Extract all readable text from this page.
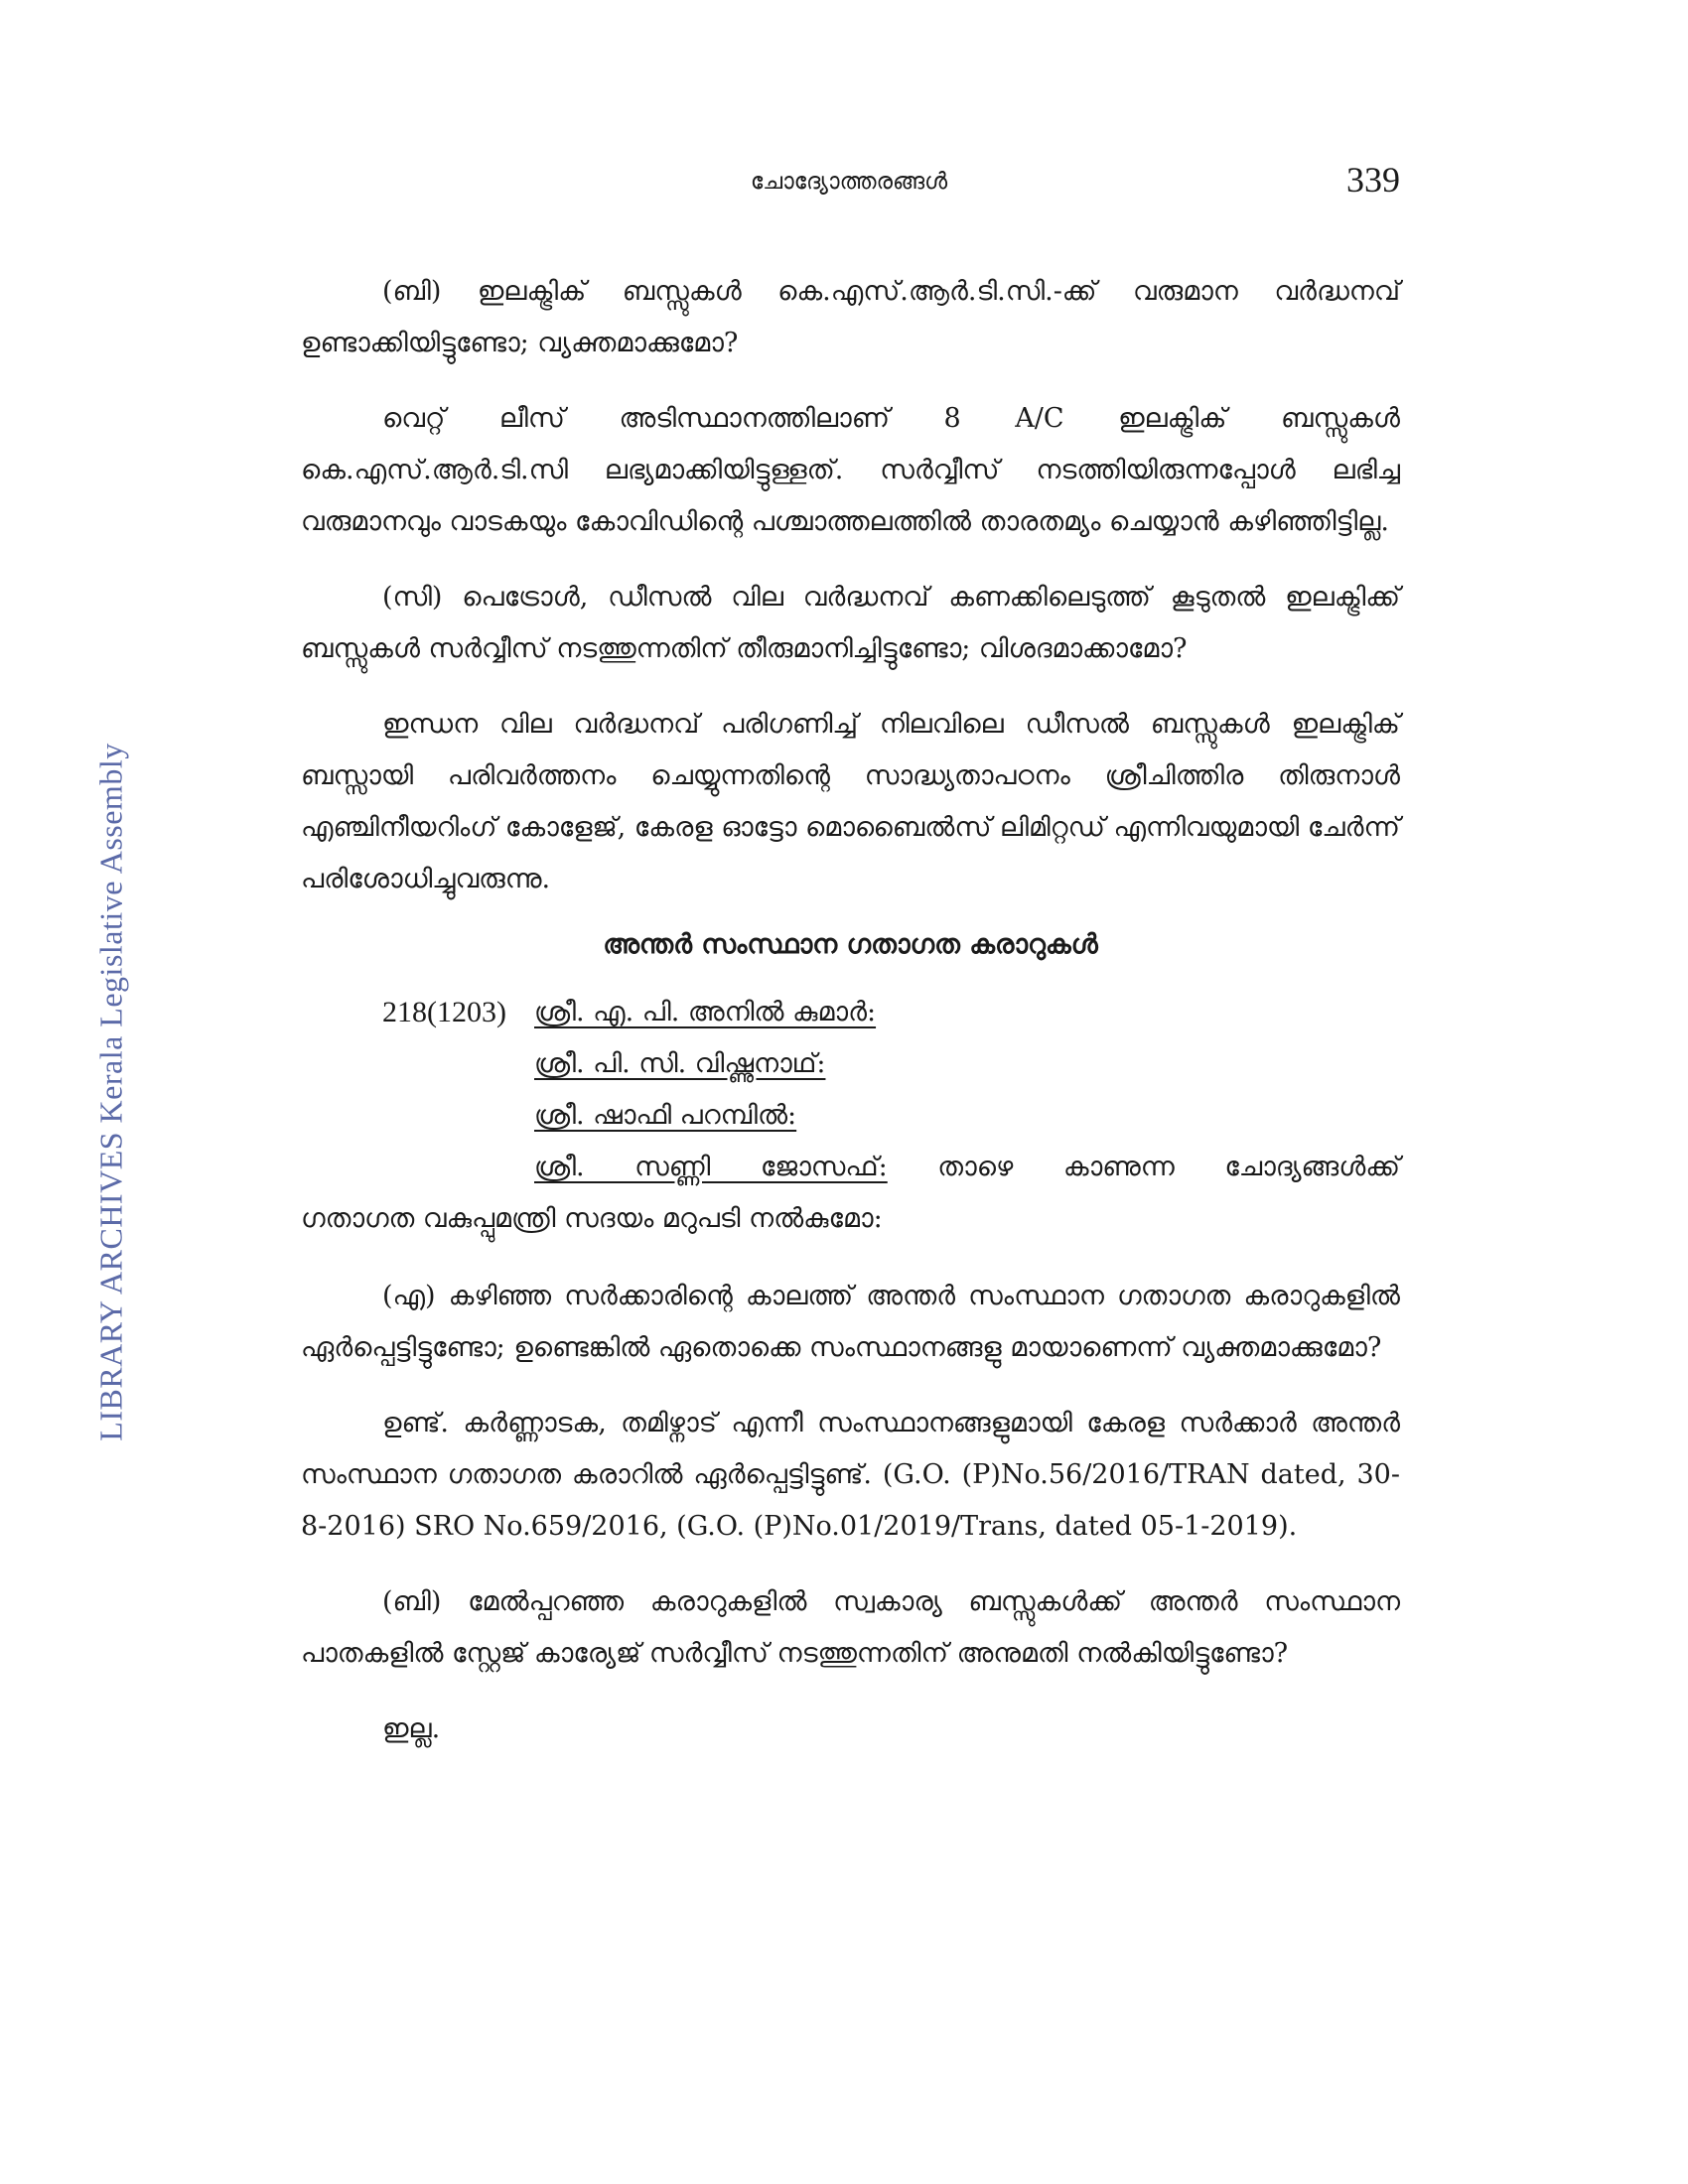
ചോദ്യോത്തരങ്ങൾ	339
LIBRARY ARCHIVES Kerala Legislative Assembly

(ബി) ഇലക്ട്രിക് ബസ്സുകൾ കെ.എസ്.ആർ.ടി.സി.-ക്ക് വരുമാന വർദ്ധനവ് ഉണ്ടാക്കിയിട്ടുണ്ടോ; വ്യക്തമാക്കുമോ?

വെറ്റ് ലീസ് അടിസ്ഥാനത്തിലാണ് 8 A/C ഇലക്ട്രിക് ബസ്സുകൾ കെ.എസ്.ആർ.ടി.സി ലഭ്യമാക്കിയിട്ടുള്ളത്. സർവ്വീസ് നടത്തിയിരുന്നപ്പോൾ ലഭിച്ച വരുമാനവും വാടകയും കോവിഡിന്റെ പശ്ചാത്തലത്തിൽ താരതമ്യം ചെയ്യാൻ കഴിഞ്ഞിട്ടില്ല.

(സി) പെട്രോൾ, ഡീസൽ വില വർദ്ധനവ് കണക്കിലെടുത്ത് കൂടുതൽ ഇലക്ട്രിക്ക് ബസ്സുകൾ സർവ്വീസ് നടത്തുന്നതിന് തീരുമാനിച്ചിട്ടുണ്ടോ; വിശദമാക്കാമോ?

ഇന്ധന വില വർദ്ധനവ് പരിഗണിച്ച് നിലവിലെ ഡീസൽ ബസ്സുകൾ ഇലക്ട്രിക് ബസ്സായി പരിവർത്തനം ചെയ്യുന്നതിന്റെ സാദ്ധ്യതാപഠനം ശ്രീചിത്തിര തിരുനാൾ എഞ്ചിനീയറിംഗ് കോളേജ്, കേരള ഓട്ടോ മൊബൈൽസ് ലിമിറ്റഡ് എന്നിവയുമായി ചേർന്ന് പരിശോധിച്ചുവരുന്നു.

അന്തർ സംസ്ഥാന ഗതാഗത കരാറുകൾ
218(1203)	ശ്രീ. എ. പി. അനിൽ കുമാർ:
ശ്രീ. പി. സി. വിഷ്ണുനാഥ്:
ശ്രീ. ഷാഫി പറമ്പിൽ:
ശ്രീ. സണ്ണി ജോസഫ്: താഴെ കാണുന്ന ചോദ്യങ്ങൾക്ക്
ഗതാഗത വകുപ്പുമന്ത്രി സദയം മറുപടി നൽകുമോ:

(എ) കഴിഞ്ഞ സർക്കാരിന്റെ കാലത്ത് അന്തർ സംസ്ഥാന ഗതാഗത കരാറുകളിൽ ഏർപ്പെട്ടിട്ടുണ്ടോ; ഉണ്ടെങ്കിൽ ഏതൊക്കെ സംസ്ഥാനങ്ങളു മായാണെന്ന് വ്യക്തമാക്കുമോ?

ഉണ്ട്. കർണ്ണാടക, തമിഴ്നാട് എന്നീ സംസ്ഥാനങ്ങളുമായി കേരള സർക്കാർ അന്തർ സംസ്ഥാന ഗതാഗത കരാറിൽ ഏർപ്പെട്ടിട്ടുണ്ട്. (G.O. (P)No.56/2016/TRAN dated, 30-8-2016) SRO No.659/2016, (G.O. (P)No.01/2019/Trans, dated 05-1-2019).

(ബി) മേൽപ്പറഞ്ഞ കരാറുകളിൽ സ്വകാര്യ ബസ്സുകൾക്ക് അന്തർ സംസ്ഥാന പാതകളിൽ സ്റ്റേജ് കാര്യേജ് സർവ്വീസ് നടത്തുന്നതിന് അനുമതി നൽകിയിട്ടുണ്ടോ?

ഇല്ല.
